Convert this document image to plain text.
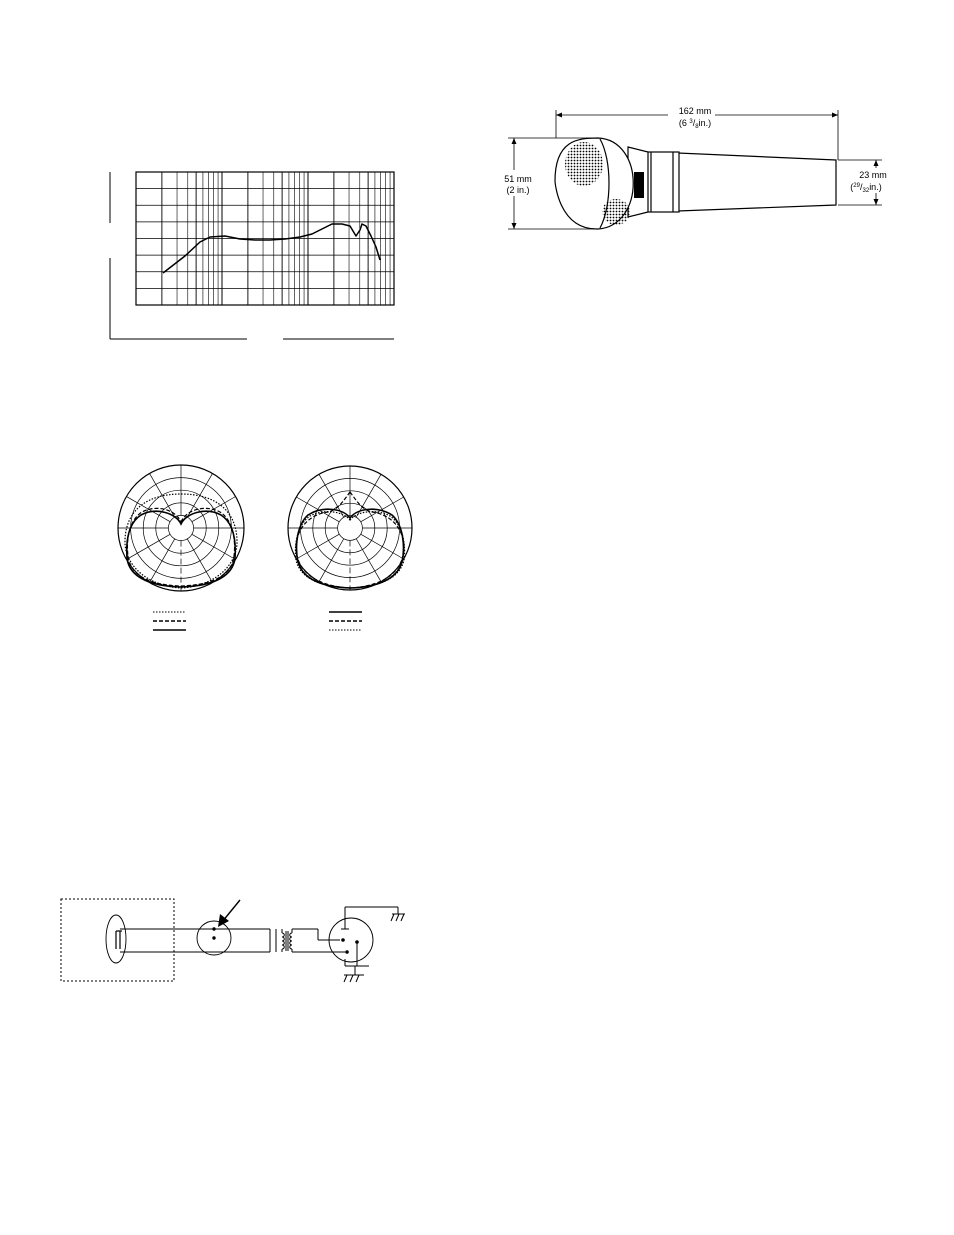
162 mm
(6 $^3/_8in$.)
51 mm
(2 in.)
23 mm
$(^{29}/_{32}in.)$
